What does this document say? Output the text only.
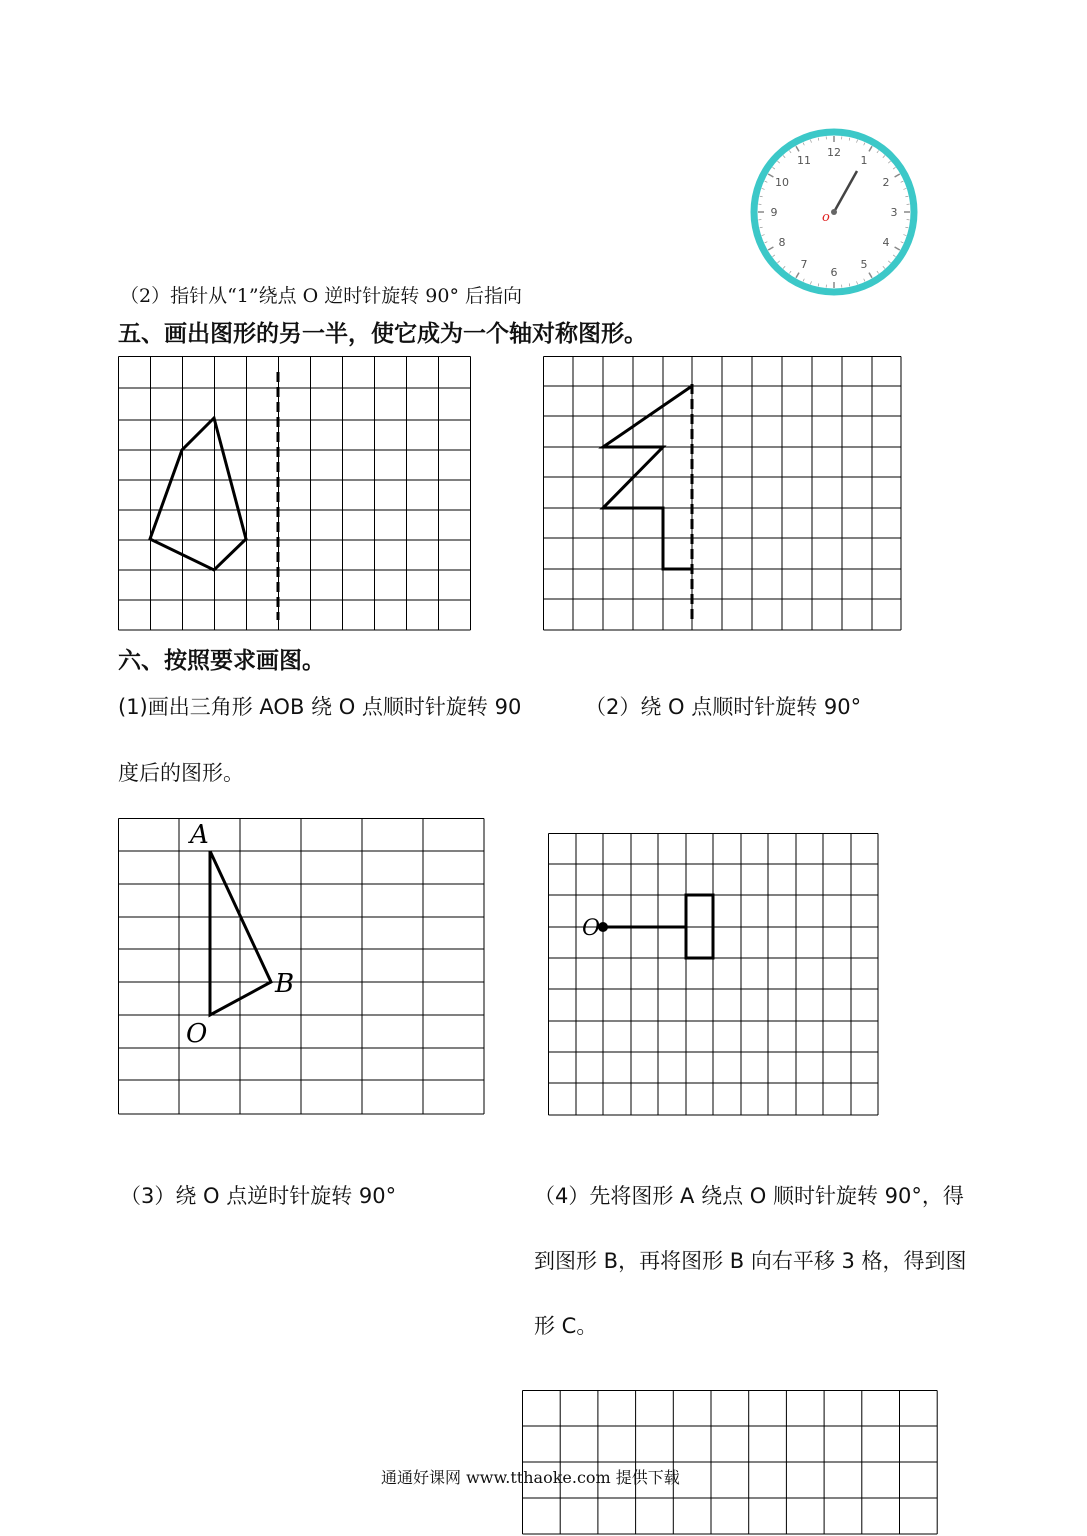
12
1
2
3
4
5
6
7
8
9
10
11
o
（2）指针从“1”绕点 O 逆时针旋转 90° 后指向
五、画出图形的另一半，使它成为一个轴对称图形。
六、按照要求画图。
(1)画出三角形 AOB 绕 O 点顺时针旋转 90
度后的图形。
（2）绕 O 点顺时针旋转 90°
A
B
O
O
（3）绕 O 点逆时针旋转 90°	（4）先将图形 A 绕点 O 顺时针旋转 90°，得
到图形 B，再将图形 B 向右平移 3 格，得到图
形 C。
通通好课网 www.tthaoke.com 提供下载
